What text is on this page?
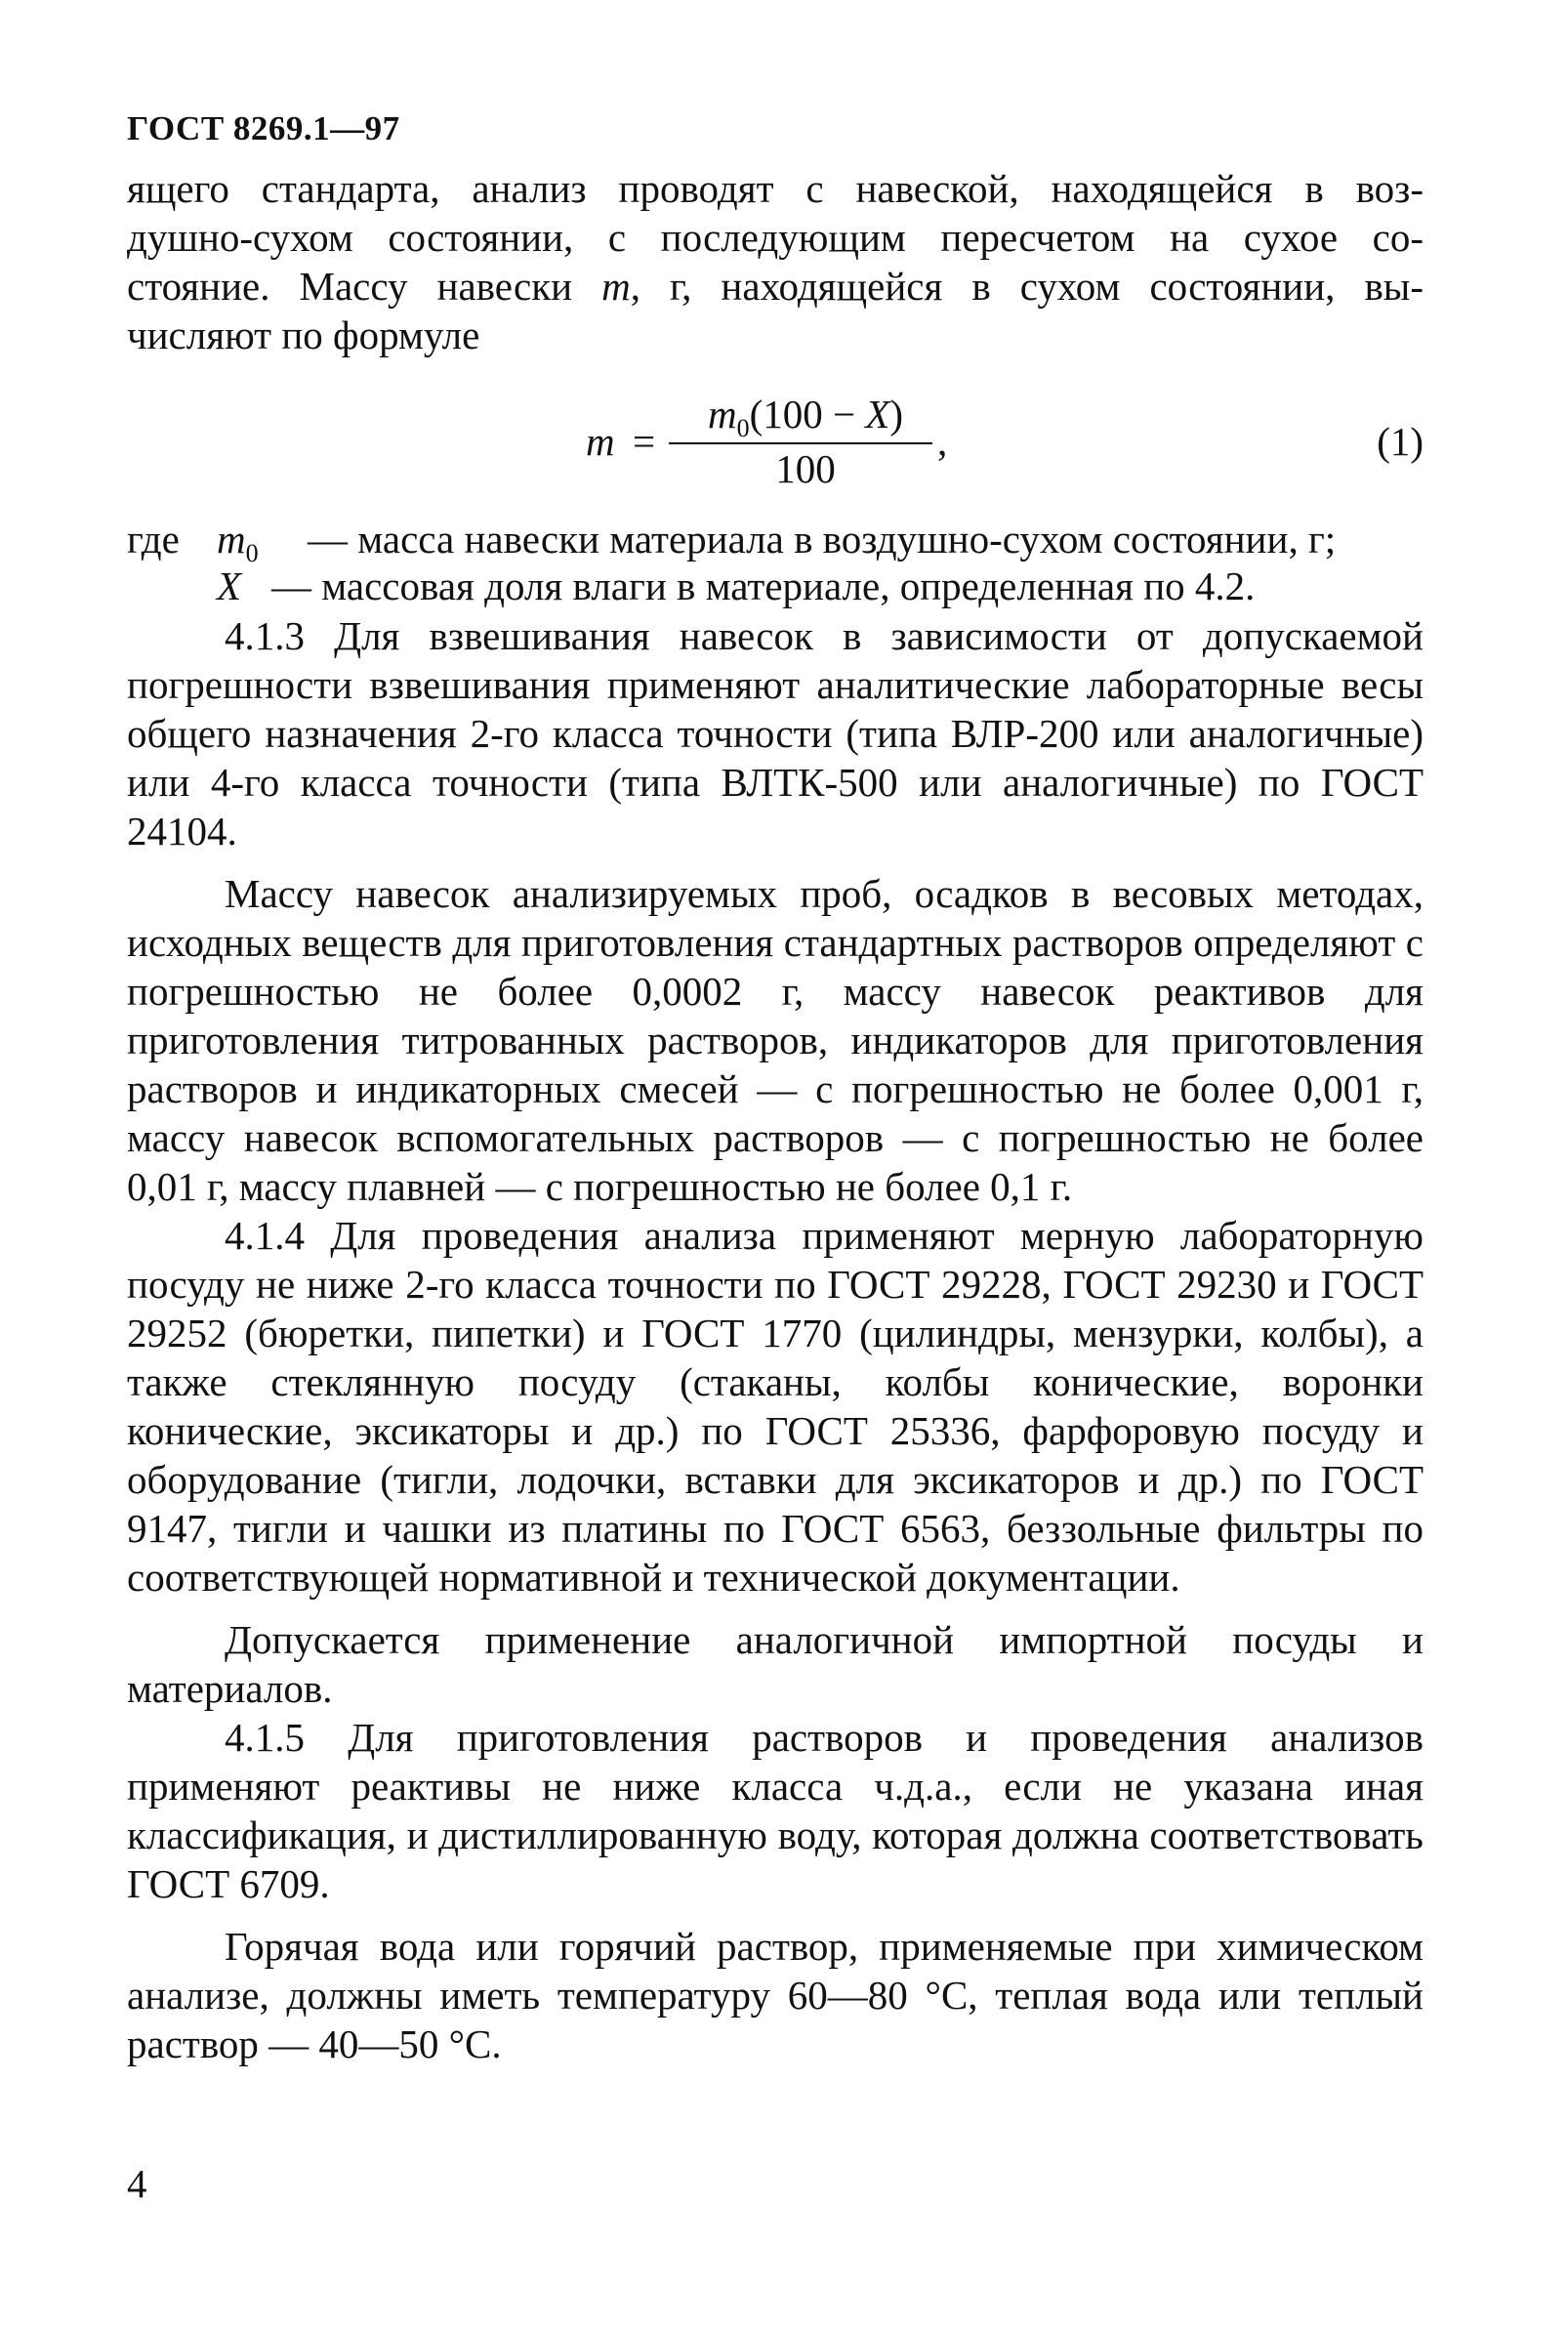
ГОСТ 8269.1—97

ящего стандарта, анализ проводят с навеской, находящейся в воз-

душно-сухом состоянии, с последующим пересчетом на сухое со-

стояние. Массу навески m, г, находящейся в сухом состоянии, вы-

числяют по формуле

m =
$m_0(100 - X)$
100
,	(1)
где $m_0$ — масса навески материала в воздушно-сухом состоянии, г;
X — массовая доля влаги в материале, определенная по 4.2.

4.1.3 Для взвешивания навесок в зависимости от допускаемой погрешности взвешивания применяют аналитические лабораторные весы общего назначения 2-го класса точности (типа ВЛР-200 или аналогичные) или 4-го класса точности (типа ВЛТК-500 или аналогичные) по ГОСТ 24104.

Массу навесок анализируемых проб, осадков в весовых методах, исходных веществ для приготовления стандартных растворов определяют с погрешностью не более 0,0002 г, массу навесок реактивов для приготовления титрованных растворов, индикаторов для приготовления растворов и индикаторных смесей — с погрешностью не более 0,001 г, массу навесок вспомогательных растворов — с погрешностью не более 0,01 г, массу плавней — с погрешностью не более 0,1 г.

4.1.4 Для проведения анализа применяют мерную лабораторную посуду не ниже 2-го класса точности по ГОСТ 29228, ГОСТ 29230 и ГОСТ 29252 (бюретки, пипетки) и ГОСТ 1770 (цилиндры, мензурки, колбы), а также стеклянную посуду (стаканы, колбы конические, воронки конические, эксикаторы и др.) по ГОСТ 25336, фарфоровую посуду и оборудование (тигли, лодочки, вставки для эксикаторов и др.) по ГОСТ 9147, тигли и чашки из платины по ГОСТ 6563, беззольные фильтры по соответствующей нормативной и технической документации.

Допускается применение аналогичной импортной посуды и материалов.

4.1.5 Для приготовления растворов и проведения анализов применяют реактивы не ниже класса ч.д.а., если не указана иная классификация, и дистиллированную воду, которая должна соответствовать ГОСТ 6709.

Горячая вода или горячий раствор, применяемые при химическом анализе, должны иметь температуру 60—80 °С, теплая вода или теплый раствор — 40—50 °С.

4
